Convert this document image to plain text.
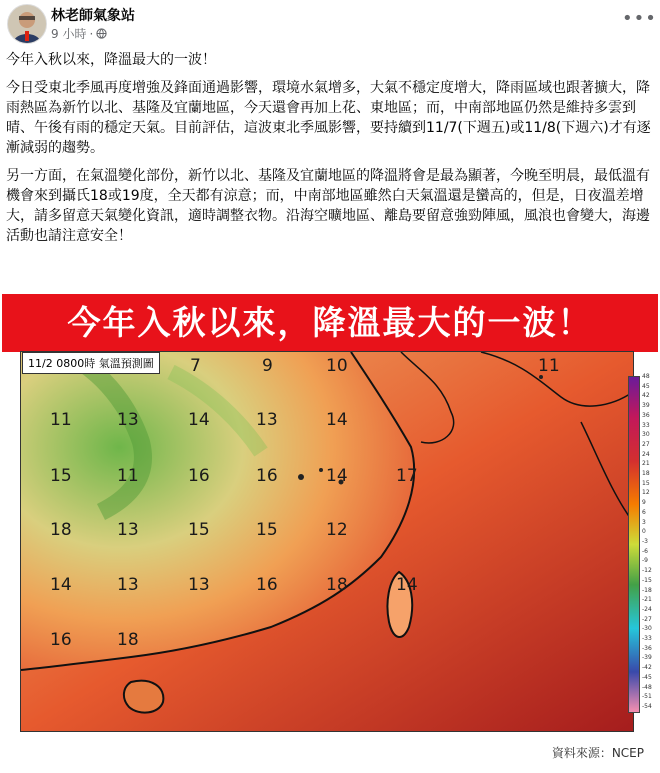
林老師氣象站
9 小時 ·
•••

今年入秋以來，降溫最大的一波！

今日受東北季風再度增強及鋒面通過影響，環境水氣增多，大氣不穩定度增大，降雨區域也跟著擴大，降雨熱區為新竹以北、基隆及宜蘭地區，今天還會再加上花、東地區；而，中南部地區仍然是維持多雲到晴、午後有雨的穩定天氣。目前評估，這波東北季風影響，要持續到11/7(下週五)或11/8(下週六)才有逐漸減弱的趨勢。

另一方面，在氣溫變化部份，新竹以北、基隆及宜蘭地區的降溫將會是最為顯著，今晚至明晨，最低溫有機會來到攝氏18或19度，全天都有涼意；而，中南部地區雖然白天氣溫還是蠻高的，但是，日夜溫差增大，請多留意天氣變化資訊，適時調整衣物。沿海空曠地區、離島要留意強勁陣風，風浪也會變大，海邊活動也請注意安全！

今年入秋以來，降溫最大的一波！
11/2 0800時 氣溫預測圖	7	9	10	11
11	13	14	13	14
15	11	16	16	14	17
18	13	15	15	12
14	13	13	16	18	14
16	18
48
45
42
39
36
33
30
27
24
21
18
15
12
9
6
3
0
-3
-6
-9
-12
-15
-18
-21
-24
-27
-30
-33
-36
-39
-42
-45
-48
-51
-54
資料來源：NCEP
